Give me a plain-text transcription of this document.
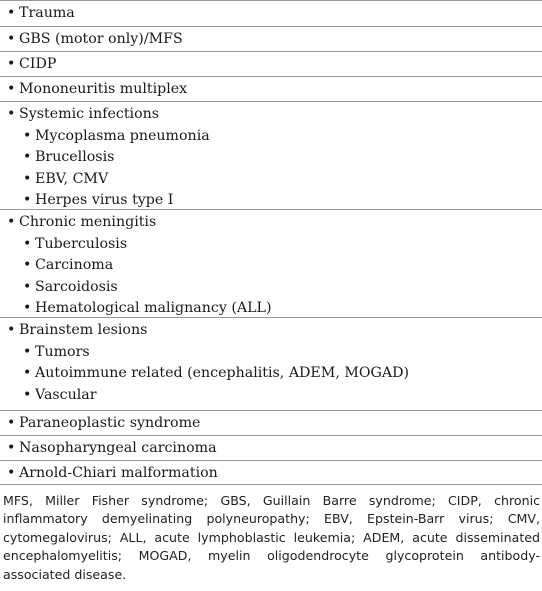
• Trauma
• GBS (motor only)/MFS
• CIDP
• Mononeuritis multiplex
• Systemic infections
• Mycoplasma pneumonia
• Brucellosis
• EBV, CMV
• Herpes virus type I
• Chronic meningitis
• Tuberculosis
• Carcinoma
• Sarcoidosis
• Hematological malignancy (ALL)
• Brainstem lesions
• Tumors
• Autoimmune related (encephalitis, ADEM, MOGAD)
• Vascular
• Paraneoplastic syndrome
• Nasopharyngeal carcinoma
• Arnold-Chiari malformation

MFS, Miller Fisher syndrome; GBS, Guillain Barre syndrome; CIDP, chronic inflammatory demyelinating polyneuropathy; EBV, Epstein-Barr virus; CMV, cytomegalovirus; ALL, acute lymphoblastic leukemia; ADEM, acute disseminated encephalomyelitis; MOGAD, myelin oligodendrocyte glycoprotein antibody-associated disease.
